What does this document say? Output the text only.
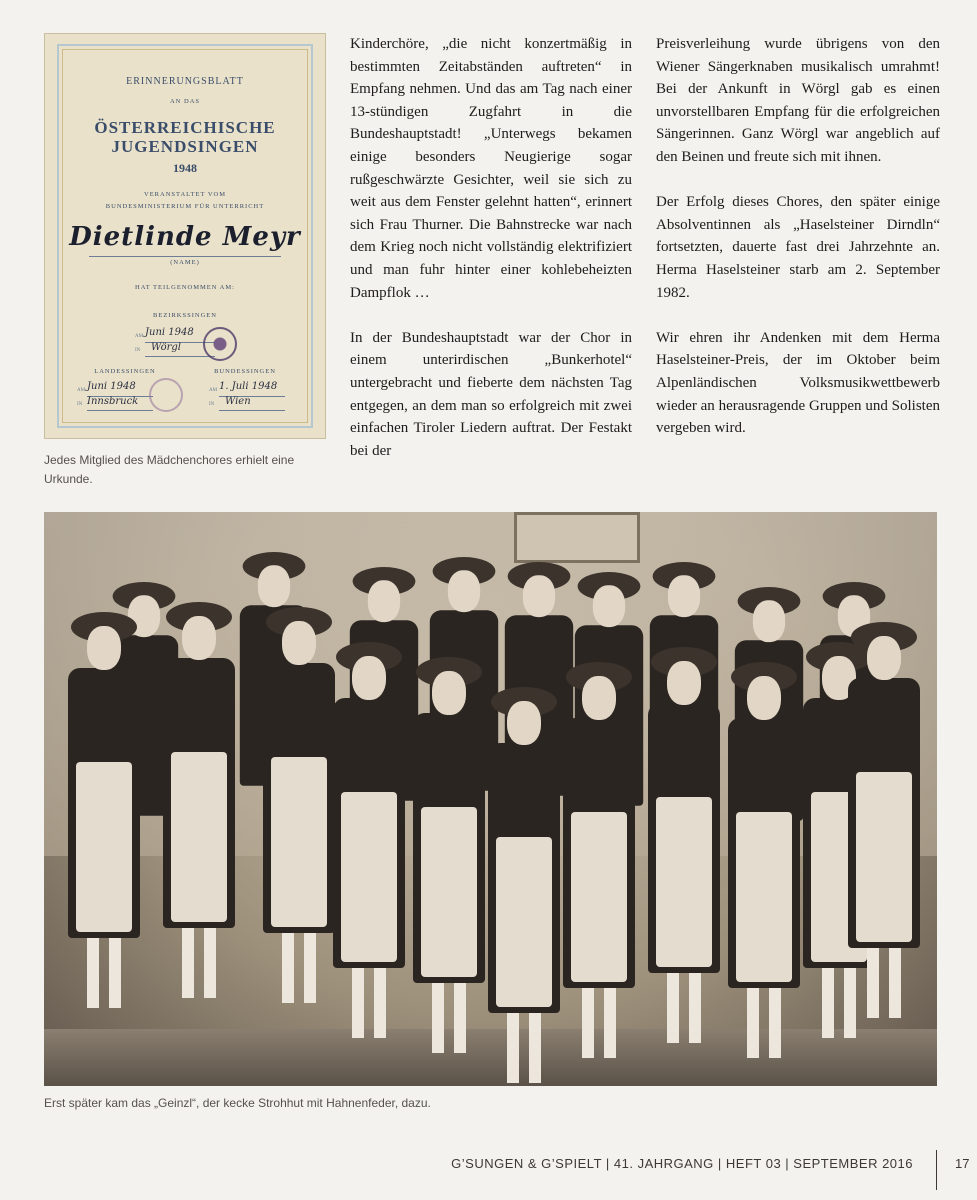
ERINNERUNGSBLATT
AN DAS
ÖSTERREICHISCHE
JUGENDSINGEN
1948
VERANSTALTET VOM
BUNDESMINISTERIUM FÜR UNTERRICHT
Dietlinde Meyr
(NAME)
HAT TEILGENOMMEN AM:
BEZIRKSSINGEN
AM Juni 1948
IN Wörgl
LANDESSINGEN	BUNDESSINGEN
AM Juni 1948
IN Innsbruck
AM 1. Juli 1948
IN Wien
Jedes Mitglied des Mädchenchores erhielt eine Urkunde.

Kinderchöre, „die nicht konzertmäßig in bestimmten Zeitabständen auftreten“ in Empfang nehmen. Und das am Tag nach einer 13-stündigen Zugfahrt in die Bundeshauptstadt! „Unterwegs bekamen einige besonders Neugierige sogar rußgeschwärzte Gesichter, weil sie sich zu weit aus dem Fenster gelehnt hatten“, erinnert sich Frau Thurner. Die Bahnstrecke war nach dem Krieg noch nicht vollständig elektrifiziert und man fuhr hinter einer kohlebeheizten Dampflok …

In der Bundeshauptstadt war der Chor in einem unterirdischen „Bunkerhotel“ untergebracht und fieberte dem nächsten Tag entgegen, an dem man so erfolgreich mit zwei einfachen Tiroler Liedern auftrat. Der Festakt bei der

Preisverleihung wurde übrigens von den Wiener Sängerknaben musikalisch umrahmt! Bei der Ankunft in Wörgl gab es einen unvorstellbaren Empfang für die erfolgreichen Sängerinnen. Ganz Wörgl war angeblich auf den Beinen und freute sich mit ihnen.

Der Erfolg dieses Chores, den später einige Absolventinnen als „Haselsteiner Dirndln“ fortsetzten, dauerte fast drei Jahrzehnte an. Herma Haselsteiner starb am 2. September 1982.

Wir ehren ihr Andenken mit dem Herma Haselsteiner-Preis, der im Oktober beim Alpenländischen Volksmusikwettbewerb wieder an herausragende Gruppen und Solisten vergeben wird.

Erst später kam das „Geinzl“, der kecke Strohhut mit Hahnenfeder, dazu.
G’SUNGEN & G’SPIELT | 41. JAHRGANG | HEFT 03 | SEPTEMBER 2016	17
